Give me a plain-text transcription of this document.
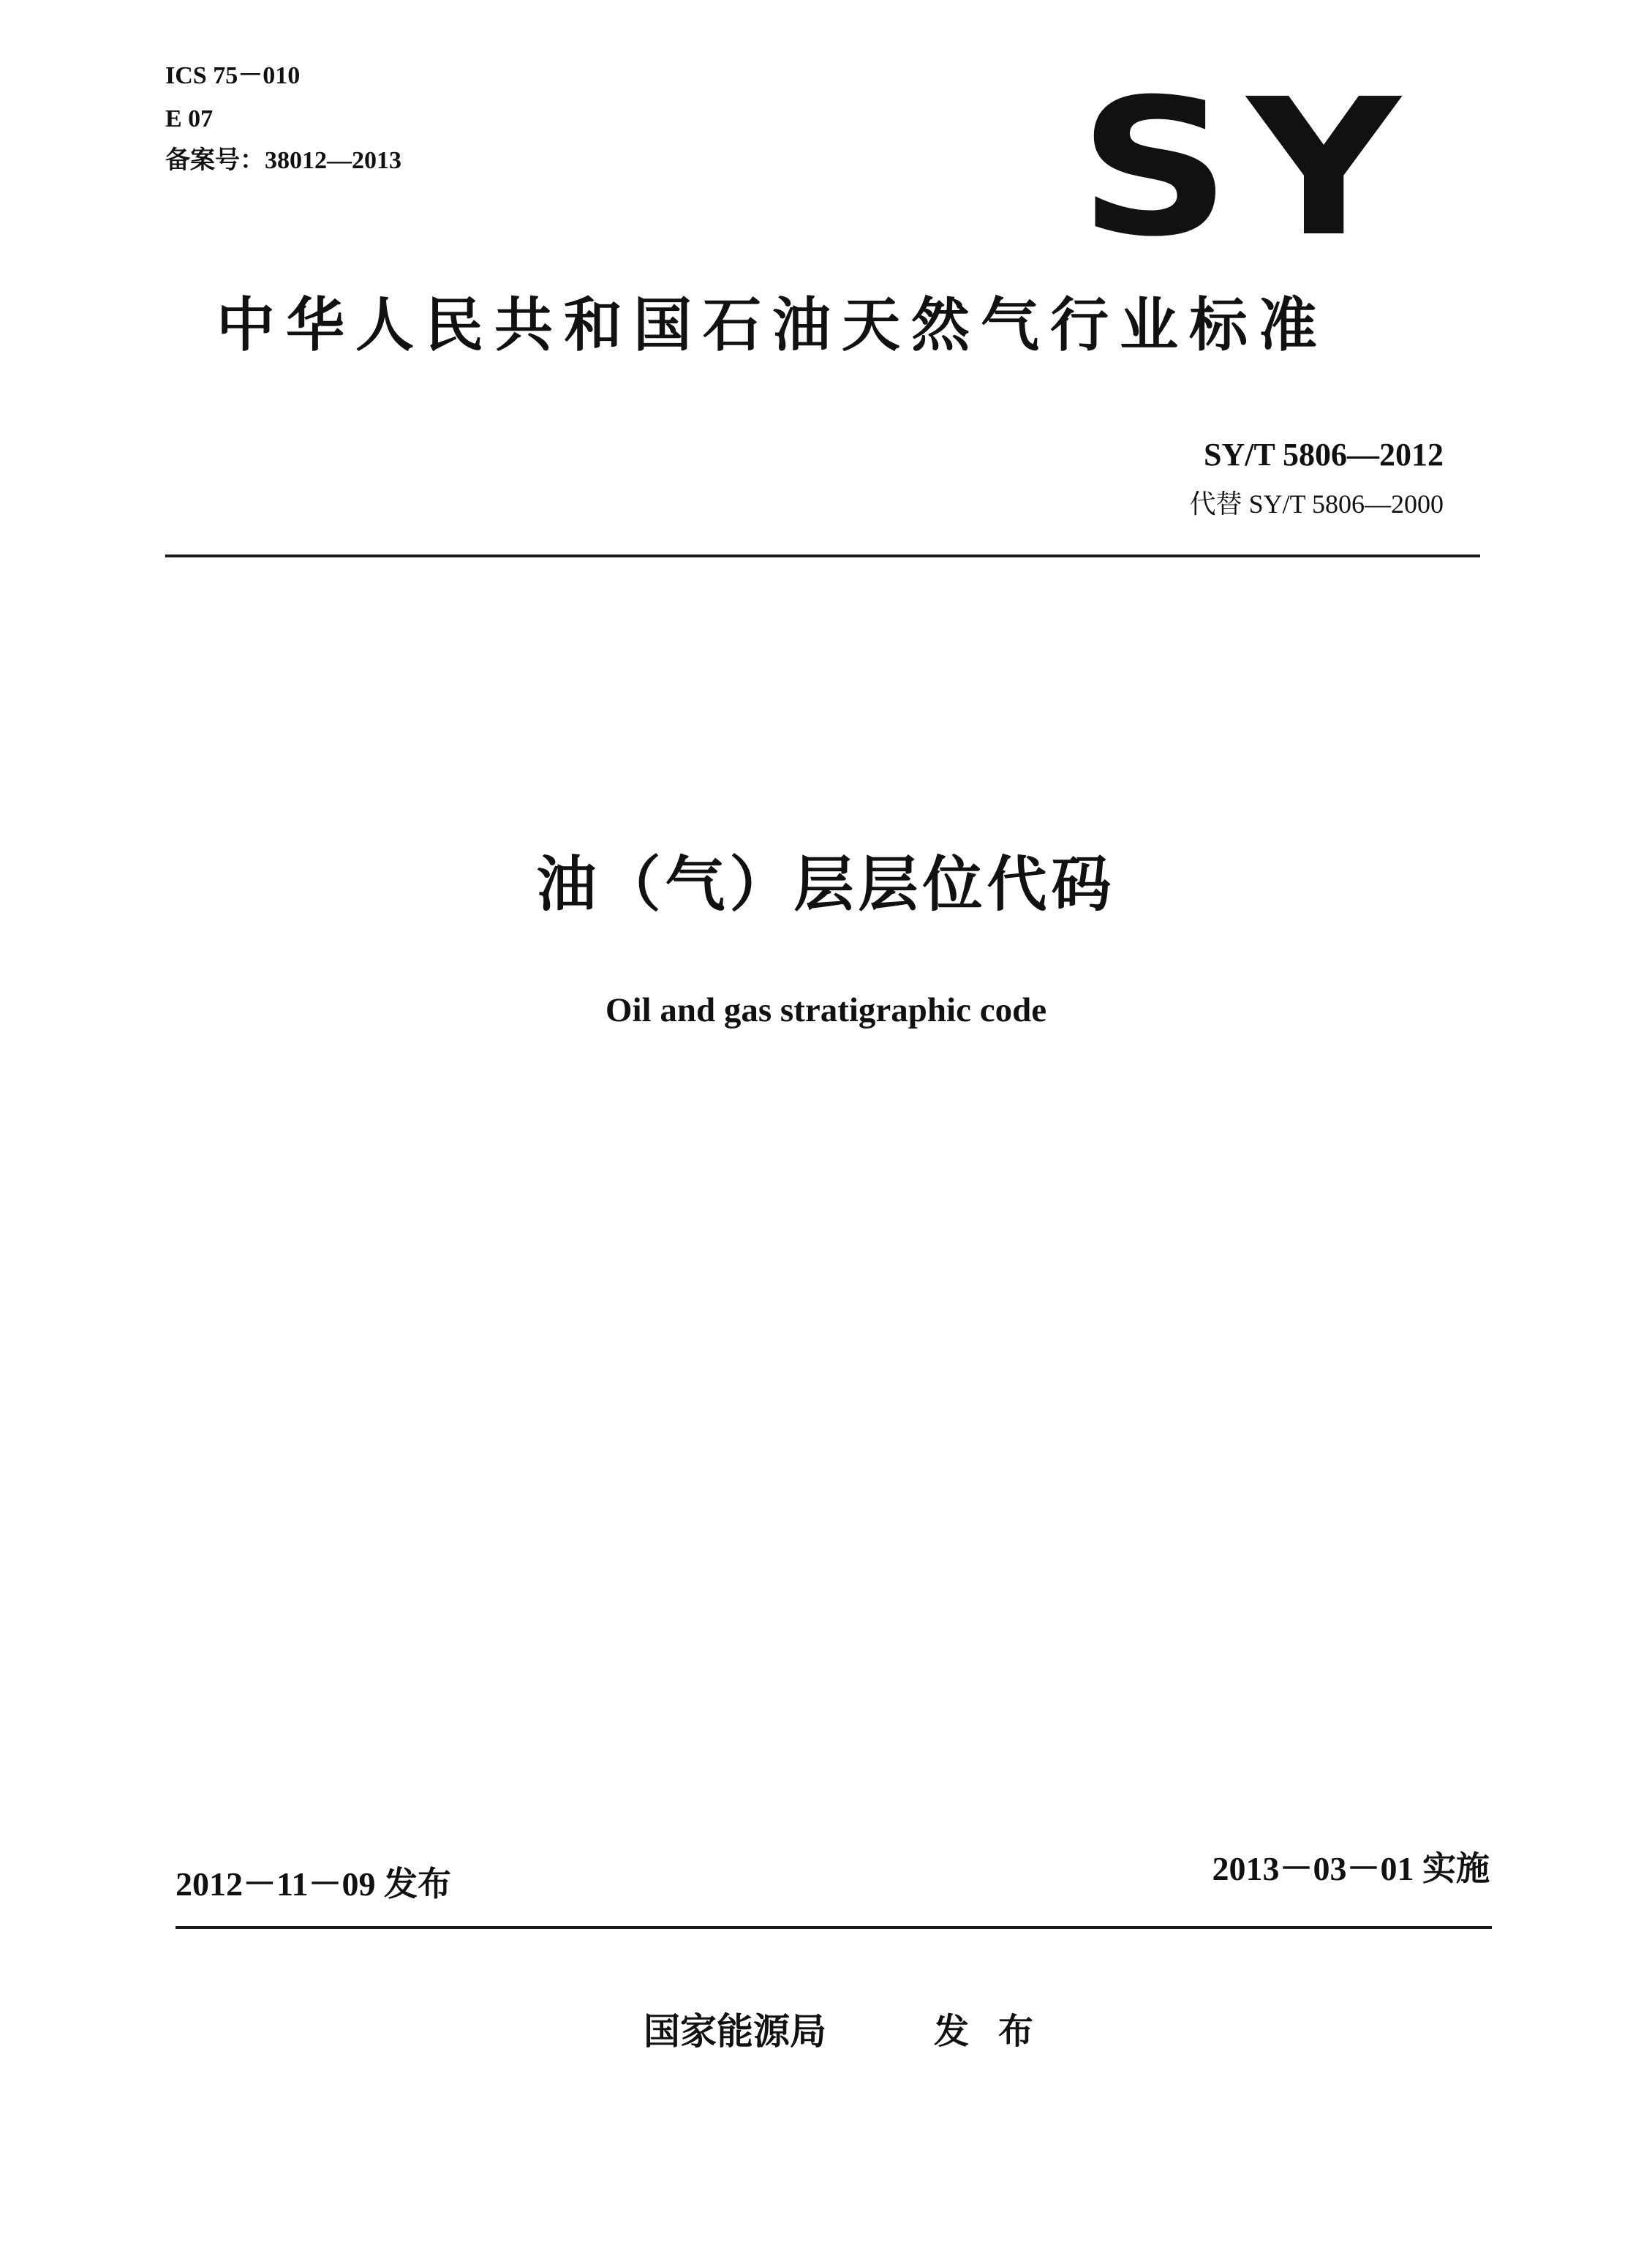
ICS 75－010
E 07
备案号：38012—2013	SY
中华人民共和国石油天然气行业标准
SY/T 5806—2012
代替 SY/T 5806—2000
油（气）层层位代码
Oil and gas stratigraphic code
2012－11－09 发布	2013－03－01 实施
国家能源局	发布
